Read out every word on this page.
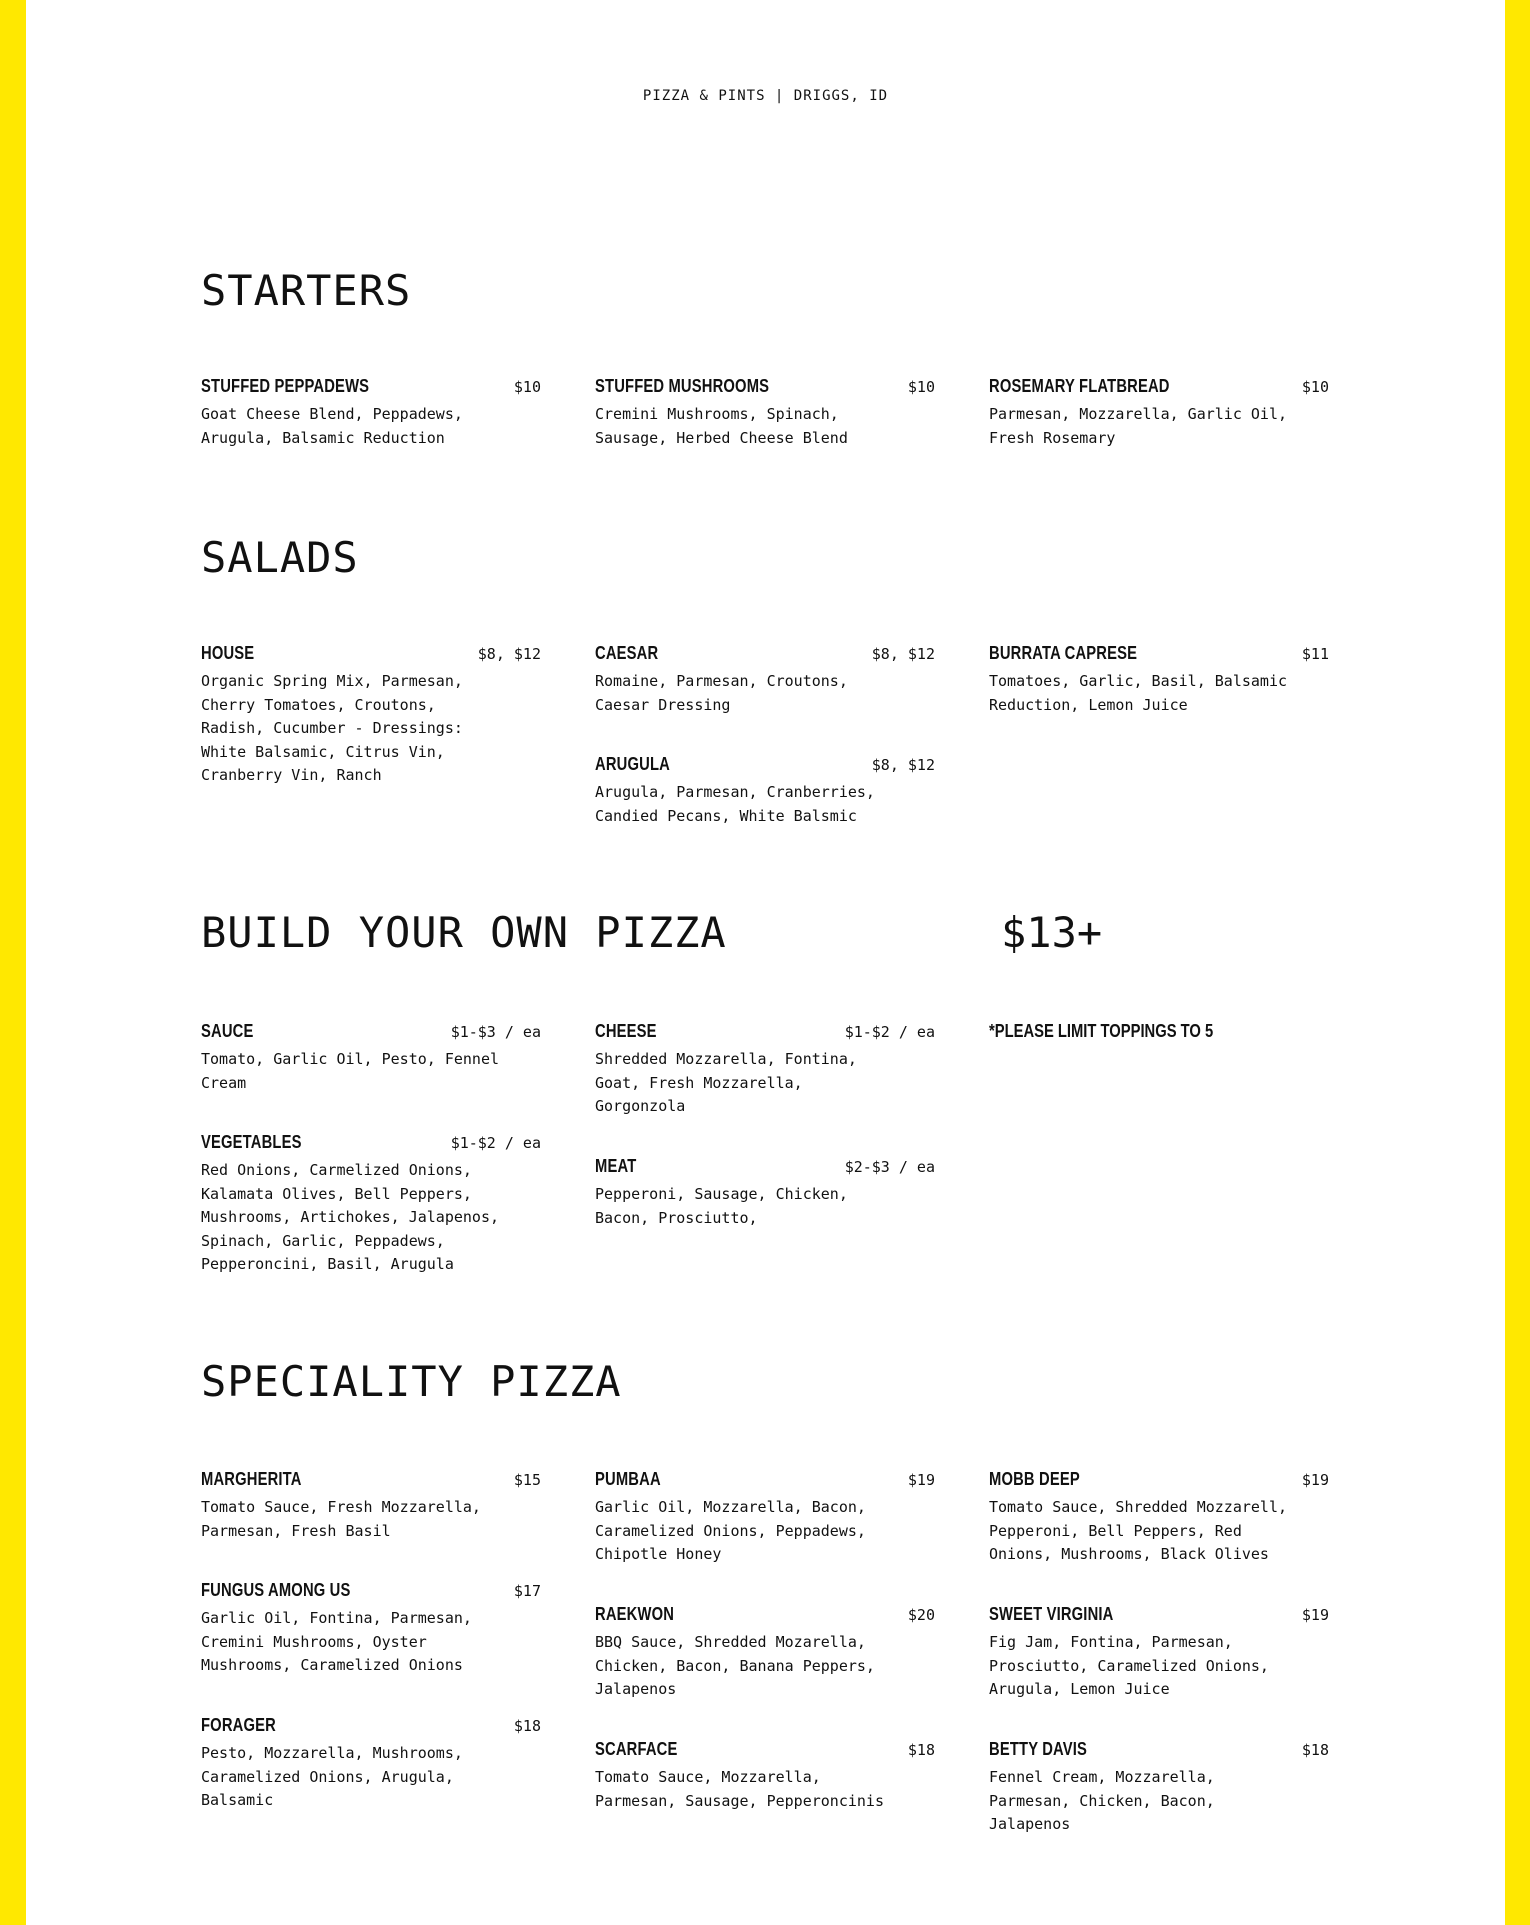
PIZZA & PINTS | DRIGGS, ID
STARTERS
STUFFED PEPPADEWS	$10
Goat Cheese Blend, Peppadews, Arugula, Balsamic Reduction
STUFFED MUSHROOMS	$10
Cremini Mushrooms, Spinach, Sausage, Herbed Cheese Blend
ROSEMARY FLATBREAD	$10
Parmesan, Mozzarella, Garlic Oil, Fresh Rosemary
SALADS
HOUSE	$8, $12
Organic Spring Mix, Parmesan, Cherry Tomatoes, Croutons, Radish, Cucumber - Dressings: White Balsamic, Citrus Vin, Cranberry Vin, Ranch
CAESAR	$8, $12
Romaine, Parmesan, Croutons, Caesar Dressing
ARUGULA	$8, $12
Arugula, Parmesan, Cranberries, Candied Pecans, White Balsmic
BURRATA CAPRESE	$11
Tomatoes, Garlic, Basil, Balsamic Reduction, Lemon Juice
BUILD YOUR OWN PIZZA	$13+
SAUCE	$1-$3 / ea
Tomato, Garlic Oil, Pesto, Fennel Cream
VEGETABLES	$1-$2 / ea
Red Onions, Carmelized Onions, Kalamata Olives, Bell Peppers, Mushrooms, Artichokes, Jalapenos, Spinach, Garlic, Peppadews, Pepperoncini, Basil, Arugula
CHEESE	$1-$2 / ea
Shredded Mozzarella, Fontina, Goat, Fresh Mozzarella, Gorgonzola
MEAT	$2-$3 / ea
Pepperoni, Sausage, Chicken, Bacon, Prosciutto,
*PLEASE LIMIT TOPPINGS TO 5
SPECIALITY PIZZA
MARGHERITA	$15
Tomato Sauce, Fresh Mozzarella, Parmesan, Fresh Basil
FUNGUS AMONG US	$17
Garlic Oil, Fontina, Parmesan, Cremini Mushrooms, Oyster Mushrooms, Caramelized Onions
FORAGER	$18
Pesto, Mozzarella, Mushrooms, Caramelized Onions, Arugula, Balsamic
PUMBAA	$19
Garlic Oil, Mozzarella, Bacon, Caramelized Onions, Peppadews, Chipotle Honey
RAEKWON	$20
BBQ Sauce, Shredded Mozarella, Chicken, Bacon, Banana Peppers, Jalapenos
SCARFACE	$18
Tomato Sauce, Mozzarella, Parmesan, Sausage, Pepperoncinis
MOBB DEEP	$19
Tomato Sauce, Shredded Mozzarell, Pepperoni, Bell Peppers, Red Onions, Mushrooms, Black Olives
SWEET VIRGINIA	$19
Fig Jam, Fontina, Parmesan, Prosciutto, Caramelized Onions, Arugula, Lemon Juice
BETTY DAVIS	$18
Fennel Cream, Mozzarella, Parmesan, Chicken, Bacon, Jalapenos
